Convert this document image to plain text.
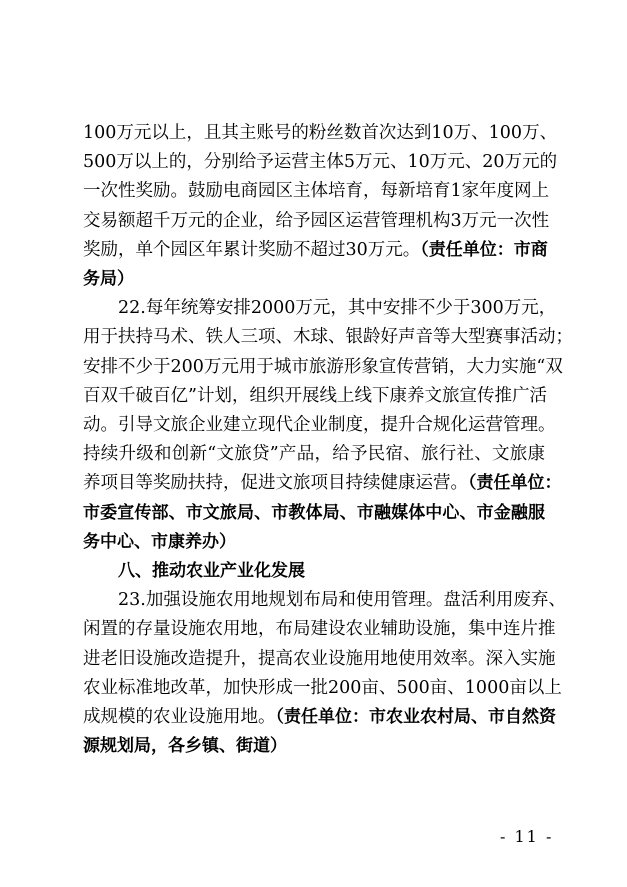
100万元以上，且其主账号的粉丝数首次达到10万、100万、
500万以上的，分别给予运营主体5万元、10万元、20万元的
一次性奖励。鼓励电商园区主体培育，每新培育1家年度网上
交易额超千万元的企业，给予园区运营管理机构3万元一次性
奖励，单个园区年累计奖励不超过30万元。（责任单位：市商
务局）
22.每年统筹安排2000万元，其中安排不少于300万元，
用于扶持马术、铁人三项、木球、银龄好声音等大型赛事活动；
安排不少于200万元用于城市旅游形象宣传营销，大力实施“双
百双千破百亿”计划，组织开展线上线下康养文旅宣传推广活
动。引导文旅企业建立现代企业制度，提升合规化运营管理。
持续升级和创新“文旅贷”产品，给予民宿、旅行社、文旅康
养项目等奖励扶持，促进文旅项目持续健康运营。（责任单位：
市委宣传部、市文旅局、市教体局、市融媒体中心、市金融服
务中心、市康养办）
八、推动农业产业化发展
23.加强设施农用地规划布局和使用管理。盘活利用废弃、
闲置的存量设施农用地，布局建设农业辅助设施，集中连片推
进老旧设施改造提升，提高农业设施用地使用效率。深入实施
农业标准地改革，加快形成一批200亩、500亩、1000亩以上
成规模的农业设施用地。（责任单位：市农业农村局、市自然资
源规划局，各乡镇、街道）
- 11 -
